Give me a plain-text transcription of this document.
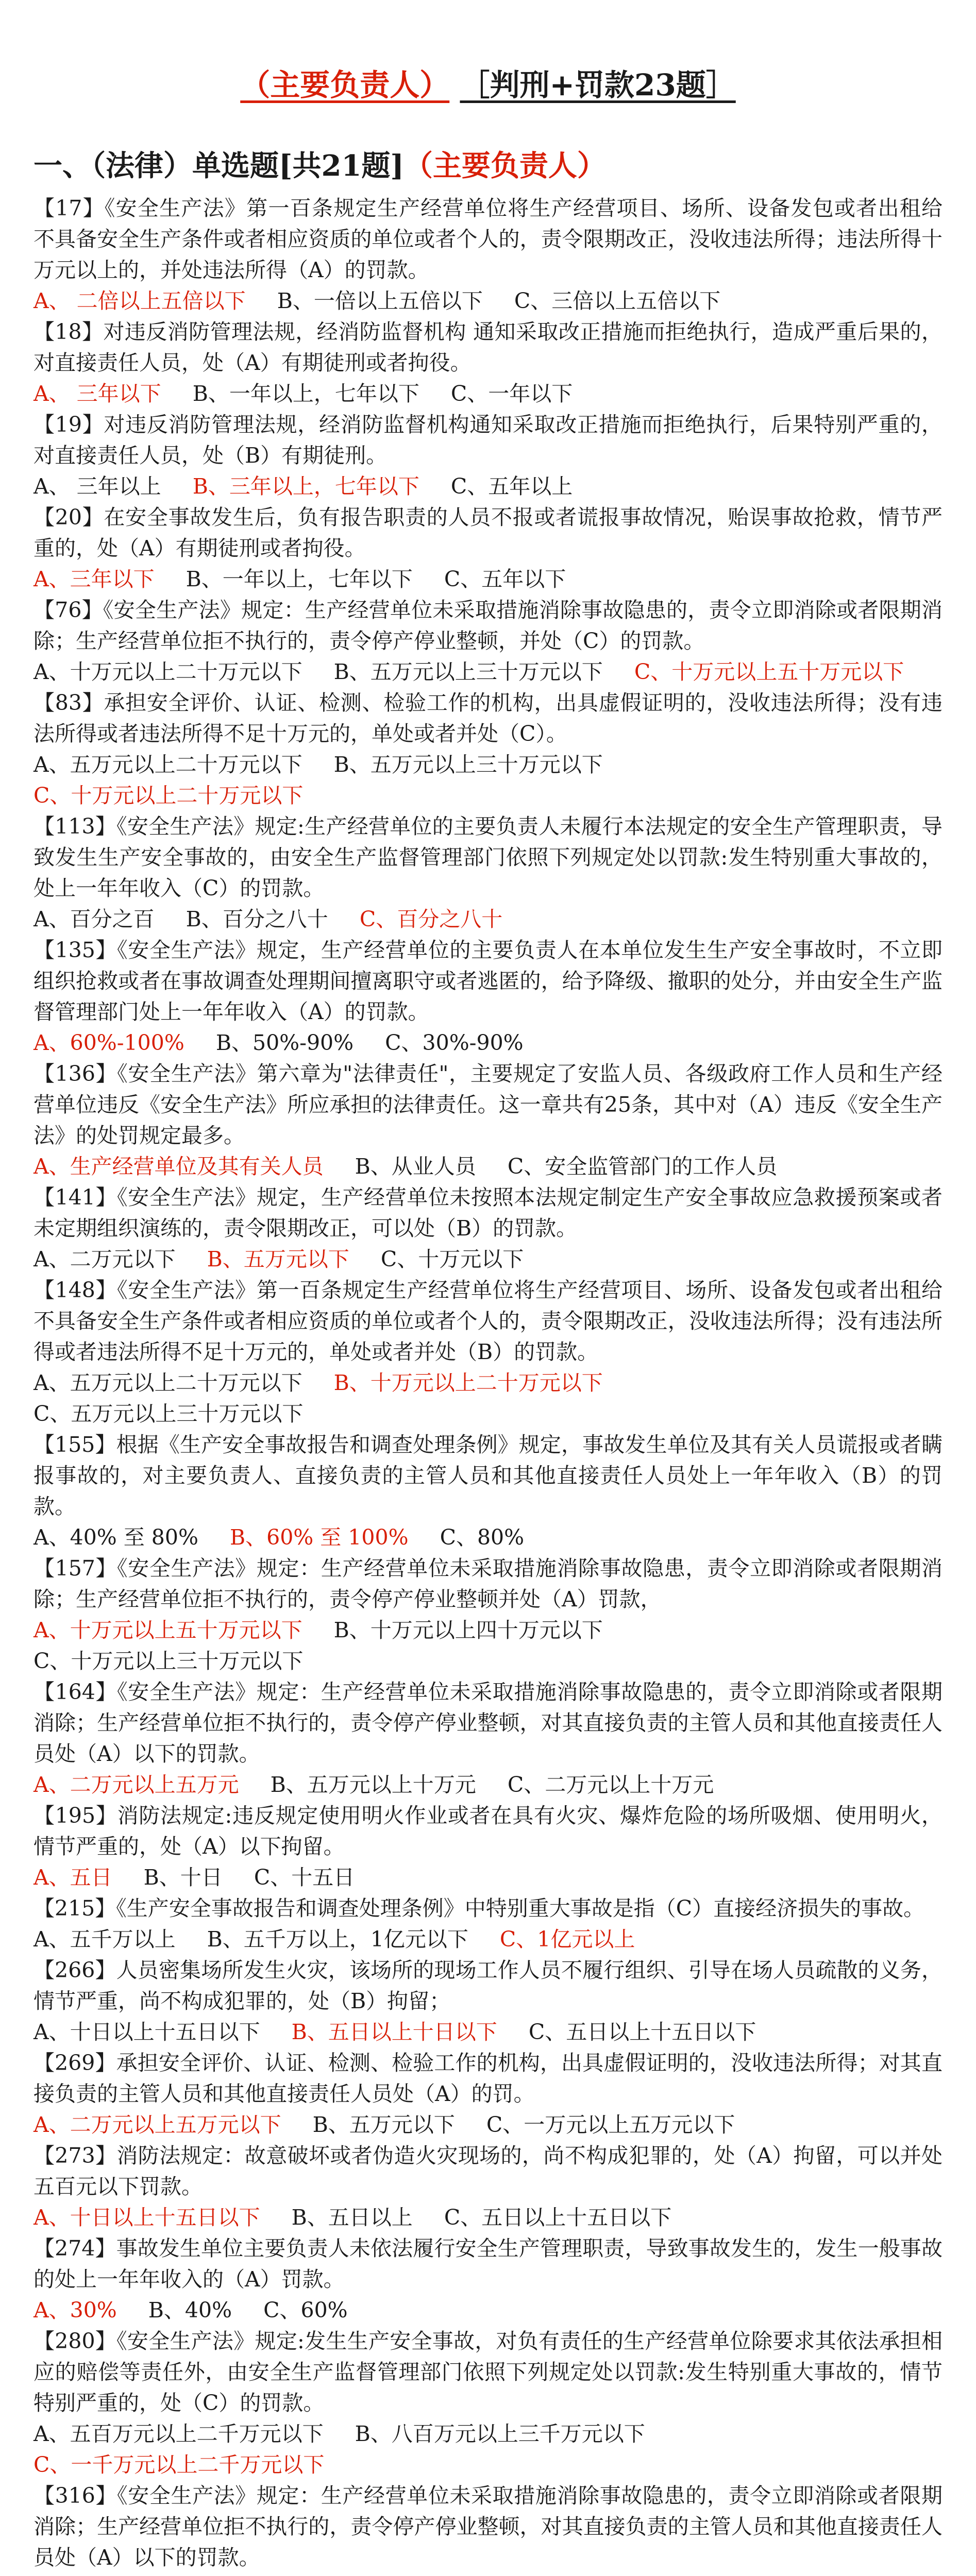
（主要负责人） ［判刑+罚款23题］
一、（法律）单选题[共21题]（主要负责人）

【17】《安全生产法》第一百条规定生产经营单位将生产经营项目、场所、设备发包或者出租给 不具备安全生产条件或者相应资质的单位或者个人的，责令限期改正，没收违法所得；违法所得十万元以上的，并处违法所得（A）的罚款。

A、 二倍以上五倍以下 B、一倍以上五倍以下 C、三倍以上五倍以下

【18】对违反消防管理法规，经消防监督机构 通知采取改正措施而拒绝执行，造成严重后果的，对直接责任人员，处（A）有期徒刑或者拘役。

A、 三年以下 B、一年以上，七年以下 C、一年以下

【19】对违反消防管理法规，经消防监督机构通知采取改正措施而拒绝执行，后果特别严重的，对直接责任人员，处（B）有期徒刑。

A、 三年以上 B、三年以上，七年以下 C、五年以上

【20】在安全事故发生后，负有报告职责的人员不报或者谎报事故情况，贻误事故抢救，情节严重的，处（A）有期徒刑或者拘役。

A、三年以下 B、一年以上，七年以下 C、五年以下

【76】《安全生产法》规定：生产经营单位未采取措施消除事故隐患的，责令立即消除或者限期消除；生产经营单位拒不执行的，责令停产停业整顿，并处（C）的罚款。

A、十万元以上二十万元以下 B、五万元以上三十万元以下 C、十万元以上五十万元以下

【83】承担安全评价、认证、检测、检验工作的机构，出具虚假证明的，没收违法所得；没有违法所得或者违法所得不足十万元的，单处或者并处（C）。

A、五万元以上二十万元以下 B、五万元以上三十万元以下
C、十万元以上二十万元以下

【113】《安全生产法》规定:生产经营单位的主要负责人未履行本法规定的安全生产管理职责，导致发生生产安全事故的，由安全生产监督管理部门依照下列规定处以罚款:发生特别重大事故的，处上一年年收入（C）的罚款。

A、百分之百 B、百分之八十 C、百分之八十

【135】《安全生产法》规定，生产经营单位的主要负责人在本单位发生生产安全事故时，不立即组织抢救或者在事故调查处理期间擅离职守或者逃匿的，给予降级、撤职的处分，并由安全生产监督管理部门处上一年年收入（A）的罚款。

A、60%-100% B、50%-90% C、30%-90%

【136】《安全生产法》第六章为"法律责任"，主要规定了安监人员、各级政府工作人员和生产经营单位违反《安全生产法》所应承担的法律责任。这一章共有25条，其中对（A）违反《安全生产法》的处罚规定最多。

A、生产经营单位及其有关人员 B、从业人员 C、安全监管部门的工作人员

【141】《安全生产法》规定，生产经营单位未按照本法规定制定生产安全事故应急救援预案或者未定期组织演练的，责令限期改正，可以处（B）的罚款。

A、二万元以下 B、五万元以下 C、十万元以下

【148】《安全生产法》第一百条规定生产经营单位将生产经营项目、场所、设备发包或者出租给不具备安全生产条件或者相应资质的单位或者个人的，责令限期改正，没收违法所得；没有违法所得或者违法所得不足十万元的，单处或者并处（B）的罚款。

A、五万元以上二十万元以下 B、十万元以上二十万元以下
C、五万元以上三十万元以下

【155】根据《生产安全事故报告和调查处理条例》规定，事故发生单位及其有关人员谎报或者瞒报事故的，对主要负责人、直接负责的主管人员和其他直接责任人员处上一年年收入（B）的罚款。

A、40% 至 80% B、60% 至 100% C、80%

【157】《安全生产法》规定：生产经营单位未采取措施消除事故隐患，责令立即消除或者限期消除；生产经营单位拒不执行的，责令停产停业整顿并处（A）罚款，

A、十万元以上五十万元以下 B、十万元以上四十万元以下
C、十万元以上三十万元以下

【164】《安全生产法》规定：生产经营单位未采取措施消除事故隐患的，责令立即消除或者限期消除；生产经营单位拒不执行的，责令停产停业整顿，对其直接负责的主管人员和其他直接责任人员处（A）以下的罚款。

A、二万元以上五万元 B、五万元以上十万元 C、二万元以上十万元

【195】消防法规定:违反规定使用明火作业或者在具有火灾、爆炸危险的场所吸烟、使用明火，情节严重的，处（A）以下拘留。

A、五日 B、十日 C、十五日

【215】《生产安全事故报告和调查处理条例》中特别重大事故是指（C）直接经济损失的事故。

A、五千万以上 B、五千万以上，1亿元以下 C、1亿元以上

【266】人员密集场所发生火灾，该场所的现场工作人员不履行组织、引导在场人员疏散的义务，情节严重，尚不构成犯罪的，处（B）拘留；

A、十日以上十五日以下 B、五日以上十日以下 C、五日以上十五日以下

【269】承担安全评价、认证、检测、检验工作的机构，出具虚假证明的，没收违法所得；对其直接负责的主管人员和其他直接责任人员处（A）的罚。

A、二万元以上五万元以下 B、五万元以下 C、一万元以上五万元以下

【273】消防法规定：故意破坏或者伪造火灾现场的，尚不构成犯罪的，处（A）拘留，可以并处五百元以下罚款。

A、十日以上十五日以下 B、五日以上 C、五日以上十五日以下

【274】事故发生单位主要负责人未依法履行安全生产管理职责，导致事故发生的，发生一般事故的处上一年年收入的（A）罚款。

A、30% B、40% C、60%

【280】《安全生产法》规定:发生生产安全事故，对负有责任的生产经营单位除要求其依法承担相应的赔偿等责任外，由安全生产监督管理部门依照下列规定处以罚款:发生特别重大事故的，情节特别严重的，处（C）的罚款。

A、五百万元以上二千万元以下 B、八百万元以上三千万元以下
C、一千万元以上二千万元以下

【316】《安全生产法》规定：生产经营单位未采取措施消除事故隐患的，责令立即消除或者限期消除；生产经营单位拒不执行的，责令停产停业整顿，对其直接负责的主管人员和其他直接责任人员处（A）以下的罚款。
